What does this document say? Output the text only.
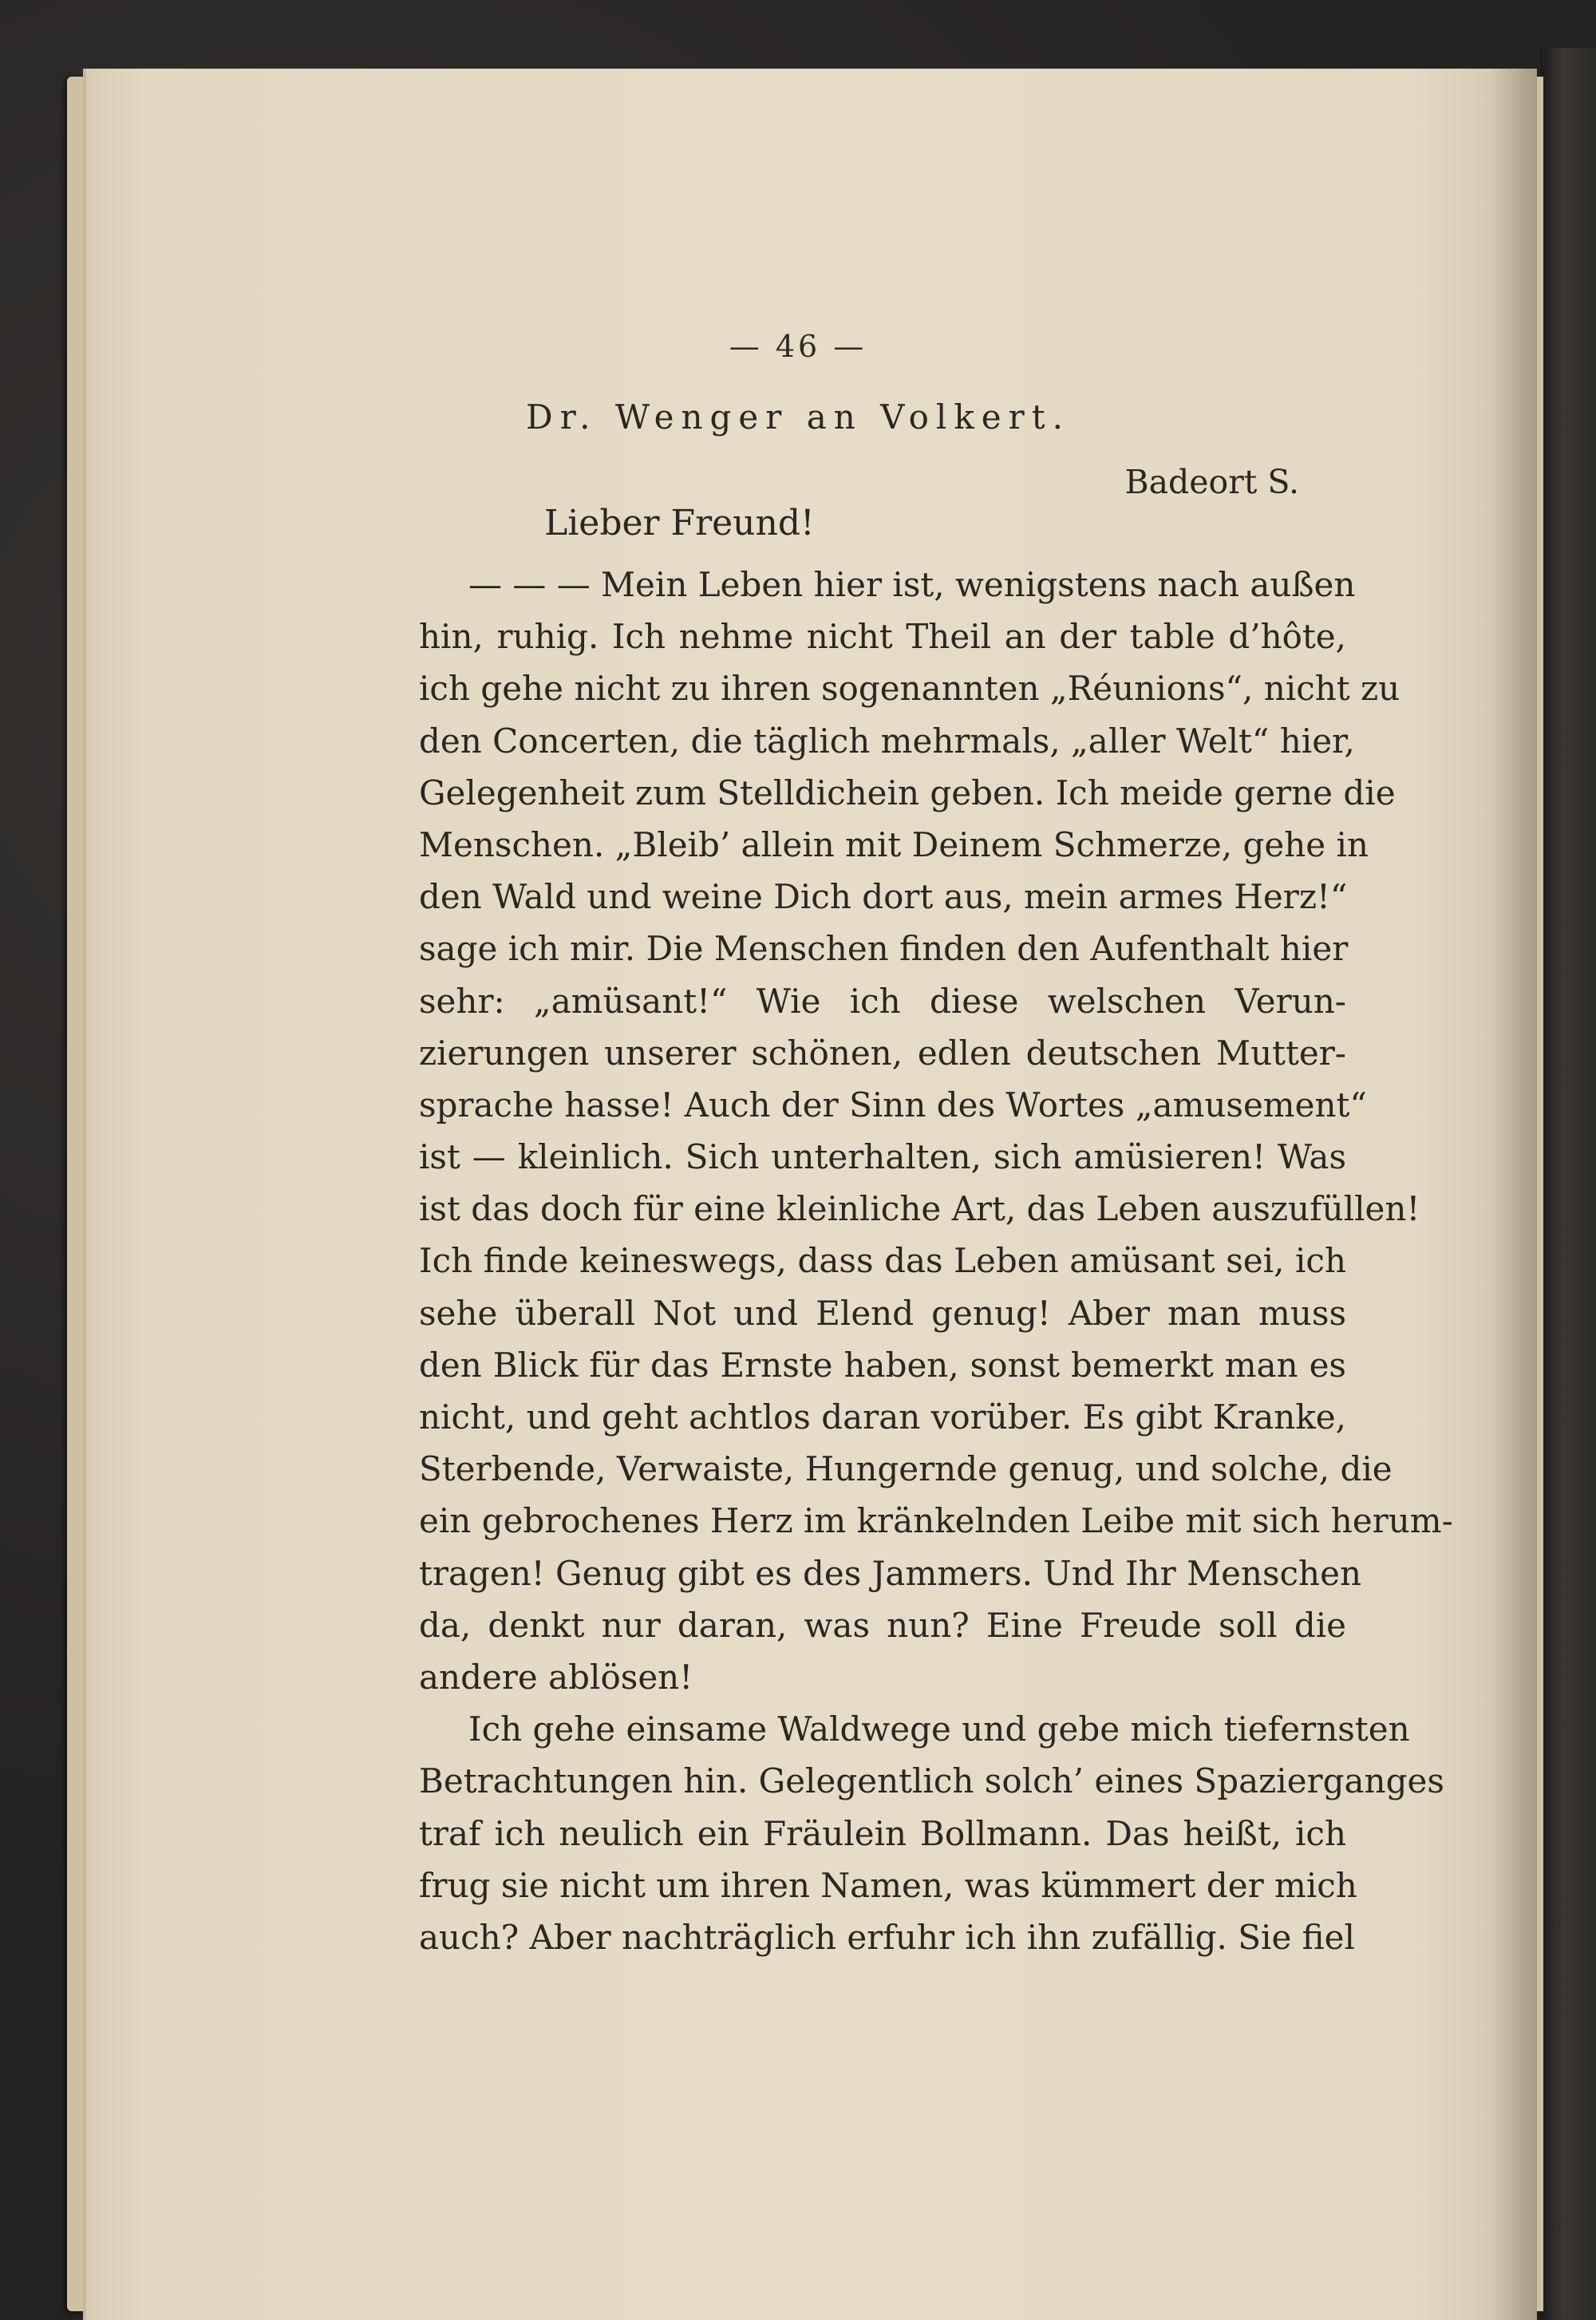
— 46 —
Dr. Wenger an Volkert.
Badeort S.
Lieber Freund!
— — — Mein Leben hier ist, wenigstens nach außen
hin, ruhig. Ich nehme nicht Theil an der table d’hôte,
ich gehe nicht zu ihren sogenannten „Réunions“, nicht zu
den Concerten, die täglich mehrmals, „aller Welt“ hier,
Gelegenheit zum Stelldichein geben. Ich meide gerne die
Menschen. „Bleib’ allein mit Deinem Schmerze, gehe in
den Wald und weine Dich dort aus, mein armes Herz!“
sage ich mir. Die Menschen finden den Aufenthalt hier
sehr: „amüsant!“ Wie ich diese welschen Verun-
zierungen unserer schönen, edlen deutschen Mutter-
sprache hasse! Auch der Sinn des Wortes „amusement“
ist — kleinlich. Sich unterhalten, sich amüsieren! Was
ist das doch für eine kleinliche Art, das Leben auszufüllen!
Ich finde keineswegs, dass das Leben amüsant sei, ich
sehe überall Not und Elend genug! Aber man muss
den Blick für das Ernste haben, sonst bemerkt man es
nicht, und geht achtlos daran vorüber. Es gibt Kranke,
Sterbende, Verwaiste, Hungernde genug, und solche, die
ein gebrochenes Herz im kränkelnden Leibe mit sich herum-
tragen! Genug gibt es des Jammers. Und Ihr Menschen
da, denkt nur daran, was nun? Eine Freude soll die
andere ablösen!
Ich gehe einsame Waldwege und gebe mich tiefernsten
Betrachtungen hin. Gelegentlich solch’ eines Spazierganges
traf ich neulich ein Fräulein Bollmann. Das heißt, ich
frug sie nicht um ihren Namen, was kümmert der mich
auch? Aber nachträglich erfuhr ich ihn zufällig. Sie fiel
